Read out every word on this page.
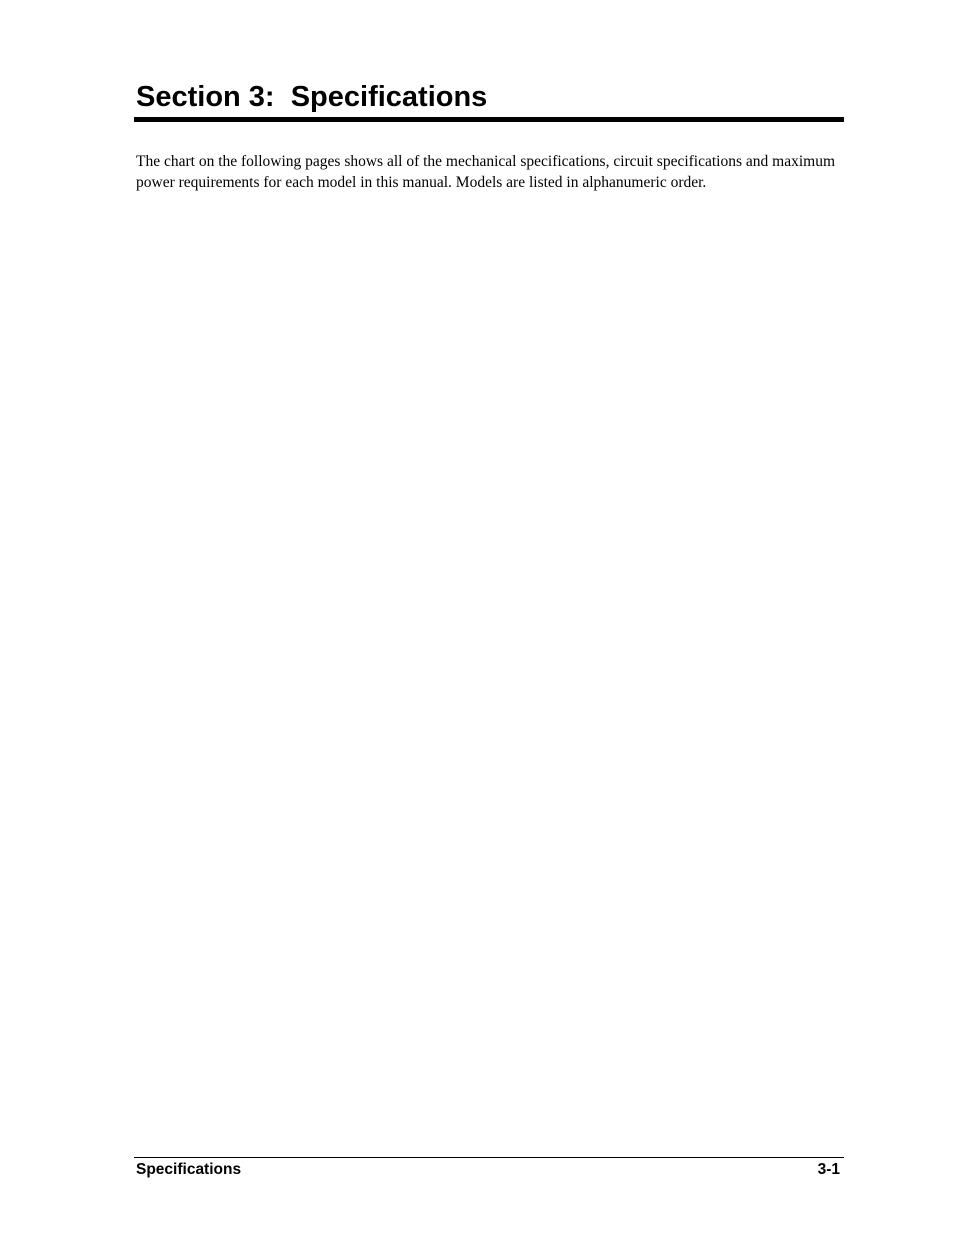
Section 3:  Specifications

The chart on the following pages shows all of the mechanical specifications, circuit specifications and maximum power requirements for each model in this manual. Models are listed in alphanumeric order.

Specifications	3-1
